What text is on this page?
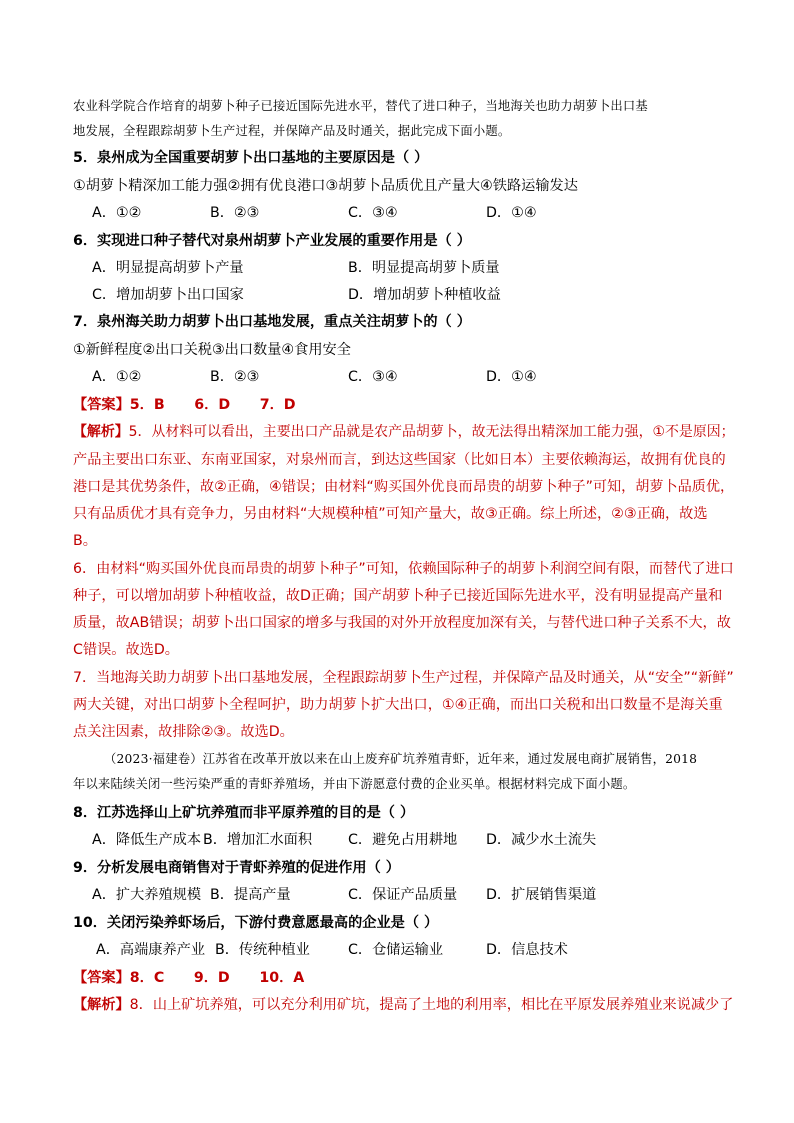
农业科学院合作培育的胡萝卜种子已接近国际先进水平，替代了进口种子，当地海关也助力胡萝卜出口基
地发展，全程跟踪胡萝卜生产过程，并保障产品及时通关，据此完成下面小题。
5．泉州成为全国重要胡萝卜出口基地的主要原因是（ ）
①胡萝卜精深加工能力强②拥有优良港口③胡萝卜品质优且产量大④铁路运输发达
A．①②	B．②③	C．③④	D．①④
6．实现进口种子替代对泉州胡萝卜产业发展的重要作用是（ ）
A．明显提高胡萝卜产量	B．明显提高胡萝卜质量
C．增加胡萝卜出口国家	D．增加胡萝卜种植收益
7．泉州海关助力胡萝卜出口基地发展，重点关注胡萝卜的（ ）
①新鲜程度②出口关税③出口数量④食用安全
A．①②	B．②③	C．③④	D．①④
【答案】5．B      6．D      7．D
【解析】5．从材料可以看出，主要出口产品就是农产品胡萝卜，故无法得出精深加工能力强，①不是原因；
产品主要出口东亚、东南亚国家，对泉州而言，到达这些国家（比如日本）主要依赖海运，故拥有优良的
港口是其优势条件，故②正确，④错误；由材料“购买国外优良而昂贵的胡萝卜种子”可知，胡萝卜品质优，
只有品质优才具有竞争力，另由材料“大规模种植”可知产量大，故③正确。综上所述，②③正确，故选
B。
6．由材料“购买国外优良而昂贵的胡萝卜种子”可知，依赖国际种子的胡萝卜利润空间有限，而替代了进口
种子，可以增加胡萝卜种植收益，故D正确；国产胡萝卜种子已接近国际先进水平，没有明显提高产量和
质量，故AB错误；胡萝卜出口国家的增多与我国的对外开放程度加深有关，与替代进口种子关系不大，故
C错误。故选D。
7．当地海关助力胡萝卜出口基地发展，全程跟踪胡萝卜生产过程，并保障产品及时通关，从“安全”“新鲜”
两大关键，对出口胡萝卜全程呵护，助力胡萝卜扩大出口，①④正确，而出口关税和出口数量不是海关重
点关注因素，故排除②③。故选D。
（2023·福建卷）江苏省在改革开放以来在山上废弃矿坑养殖青虾，近年来，通过发展电商扩展销售，2018
年以来陆续关闭一些污染严重的青虾养殖场，并由下游愿意付费的企业买单。根据材料完成下面小题。
8．江苏选择山上矿坑养殖而非平原养殖的目的是（ ）
A．降低生产成本 B．增加汇水面积	C．避免占用耕地 D．减少水土流失
9．分析发展电商销售对于青虾养殖的促进作用（ ）
A．扩大养殖规模 B．提高产量	C．保证产品质量 D．扩展销售渠道
10．关闭污染养虾场后，下游付费意愿最高的企业是（ ）
A．高端康养产业 B．传统种植业	C．仓储运输业	D．信息技术
【答案】8．C      9．D      10．A
【解析】8．山上矿坑养殖，可以充分利用矿坑，提高了土地的利用率，相比在平原发展养殖业来说减少了
